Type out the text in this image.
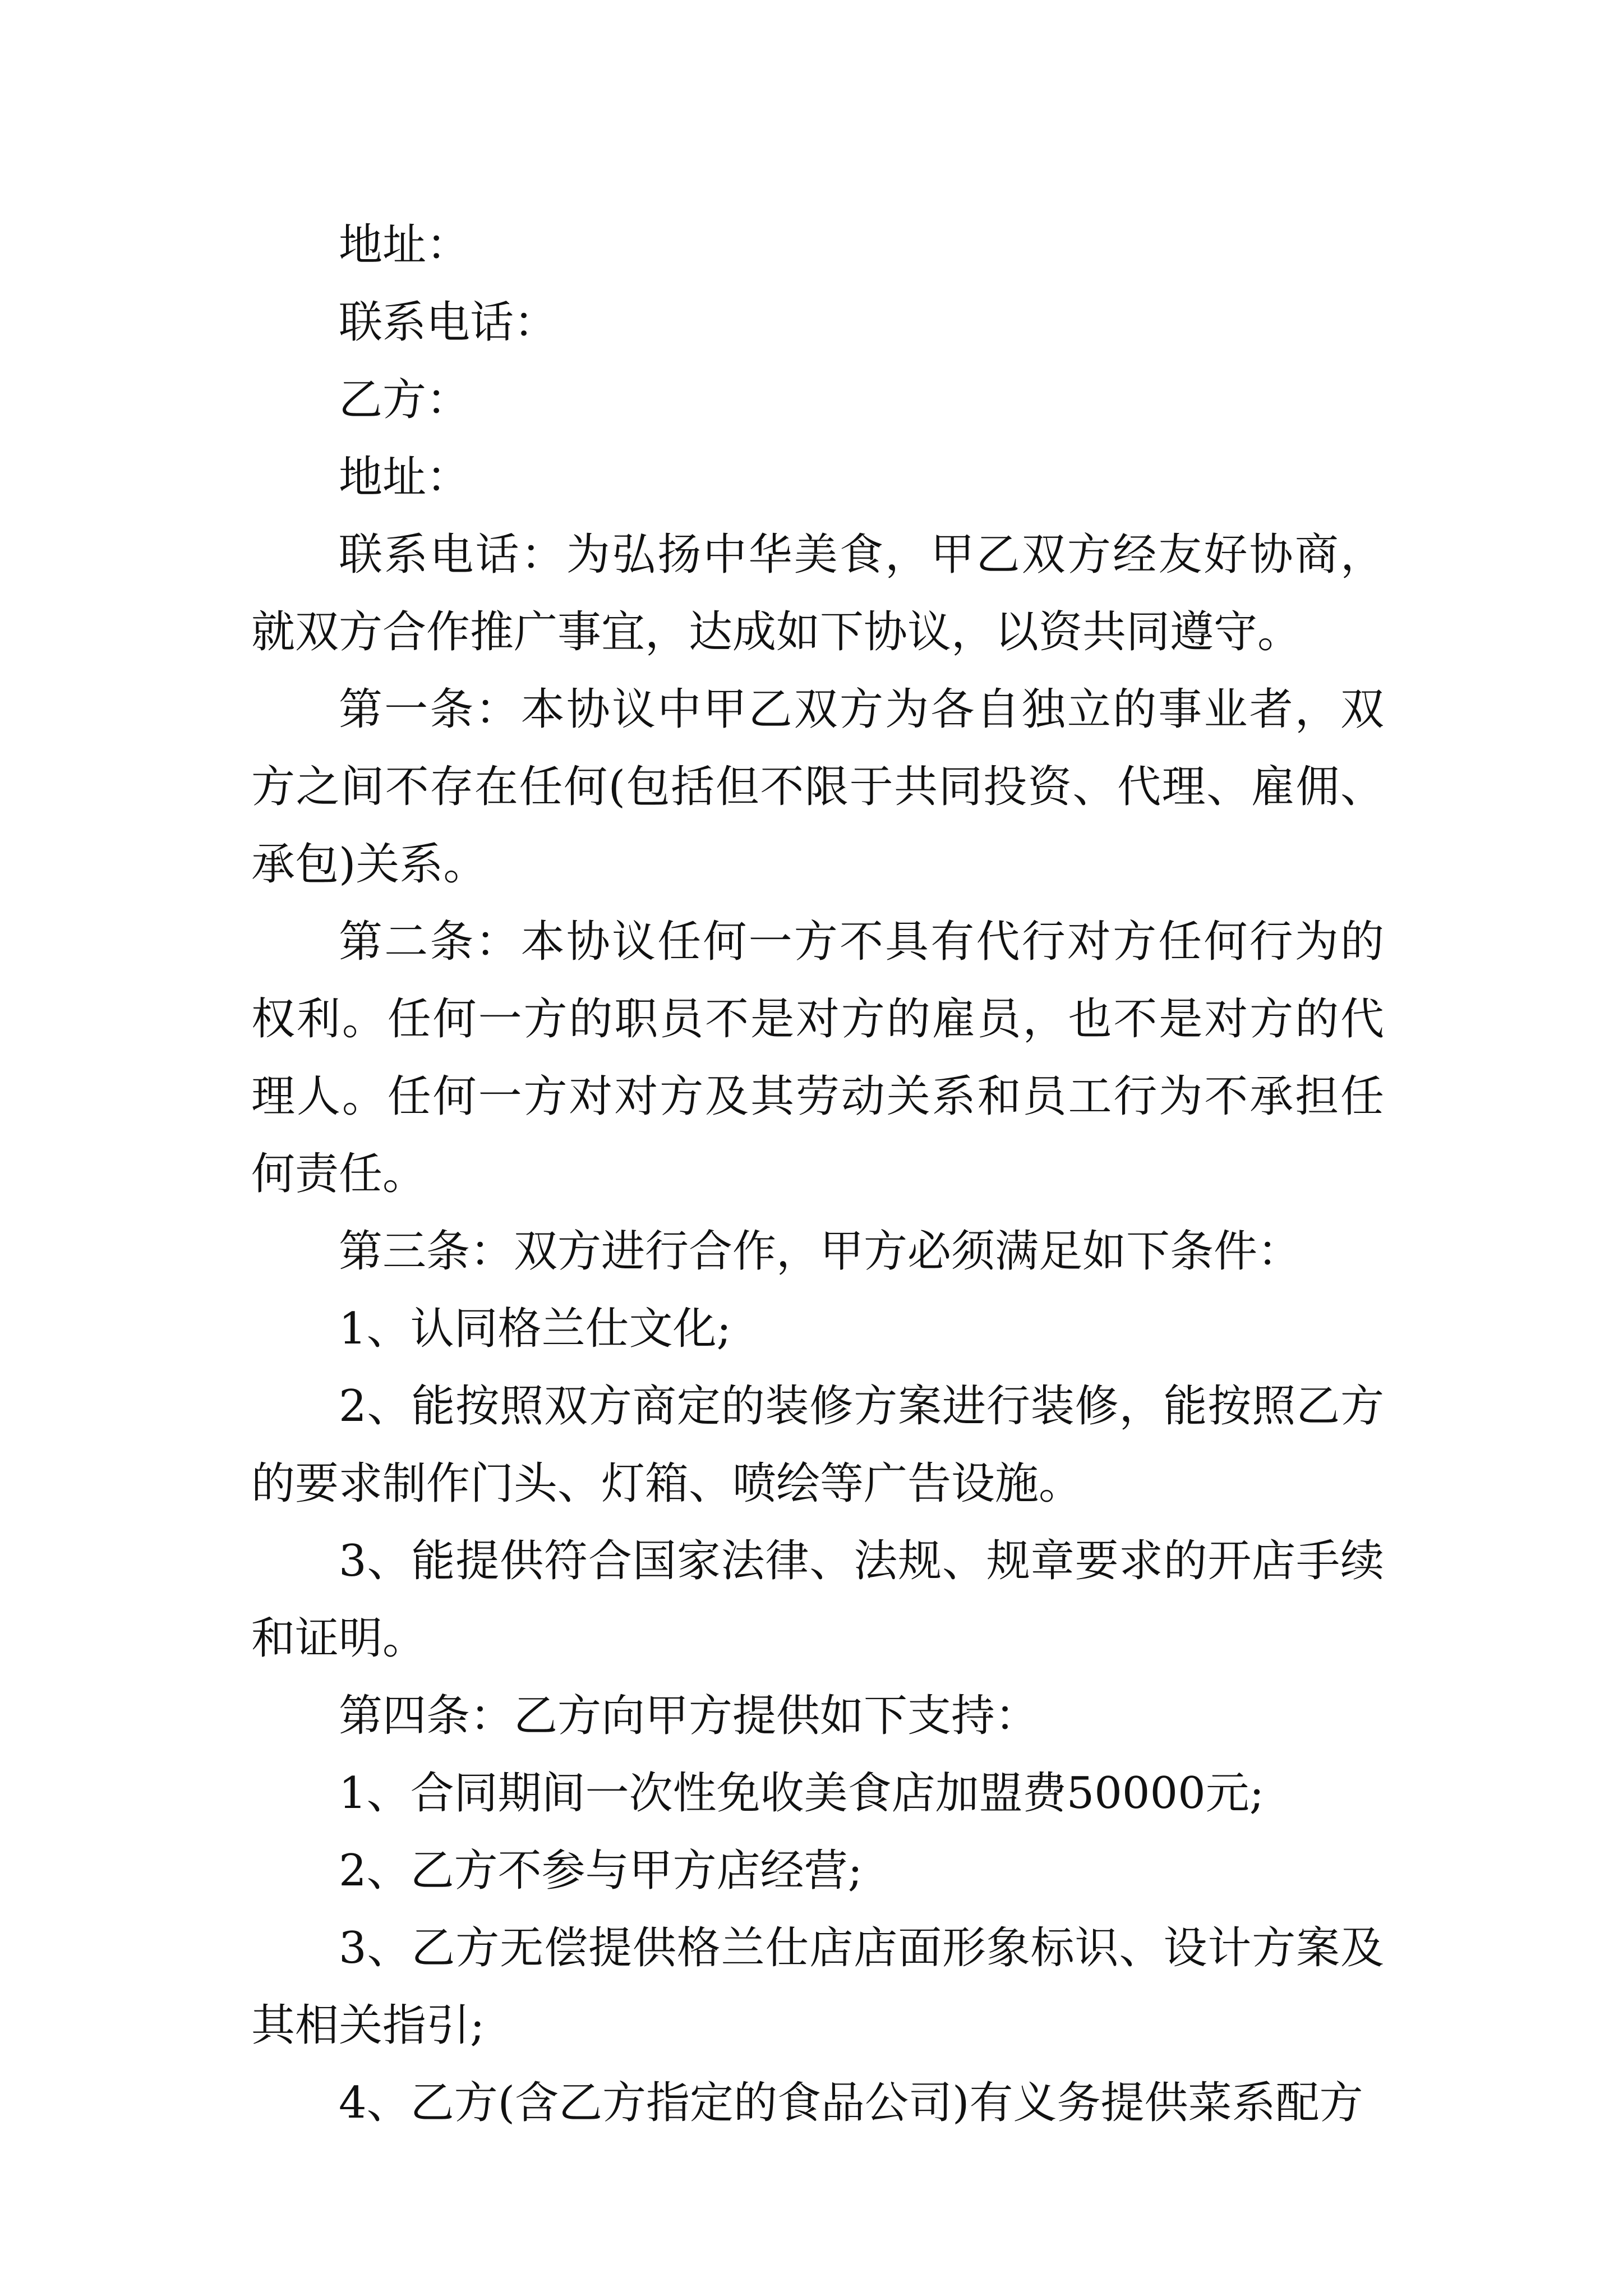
地址：

联系电话：

乙方：

地址：

联系电话：为弘扬中华美食，甲乙双方经友好协商，就双方合作推广事宜，达成如下协议，以资共同遵守。

第一条：本协议中甲乙双方为各自独立的事业者，双方之间不存在任何(包括但不限于共同投资、代理、雇佣、承包)关系。

第二条：本协议任何一方不具有代行对方任何行为的权利。任何一方的职员不是对方的雇员，也不是对方的代理人。任何一方对对方及其劳动关系和员工行为不承担任何责任。

第三条：双方进行合作，甲方必须满足如下条件：

1、认同格兰仕文化;

2、能按照双方商定的装修方案进行装修，能按照乙方的要求制作门头、灯箱、喷绘等广告设施。

3、能提供符合国家法律、法规、规章要求的开店手续和证明。

第四条：乙方向甲方提供如下支持：

1、合同期间一次性免收美食店加盟费50000元;

2、乙方不参与甲方店经营;

3、乙方无偿提供格兰仕店店面形象标识、设计方案及其相关指引;

4、乙方(含乙方指定的食品公司)有义务提供菜系配方
